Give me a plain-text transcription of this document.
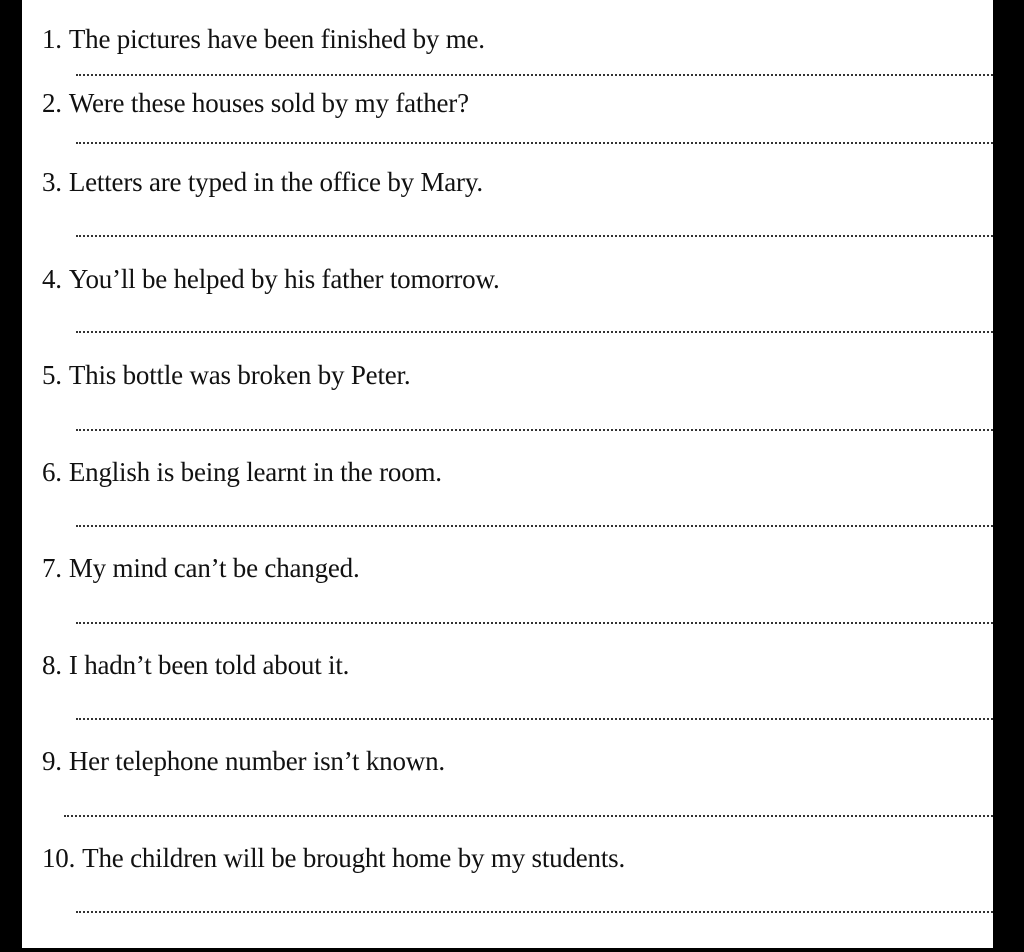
1. The pictures have been finished by me.
2. Were these houses sold by my father?
3. Letters are typed in the office by Mary.
4. You’ll be helped by his father tomorrow.
5. This bottle was broken by Peter.
6. English is being learnt in the room.
7. My mind can’t be changed.
8. I hadn’t been told about it.
9. Her telephone number isn’t known.
10. The children will be brought home by my students.
